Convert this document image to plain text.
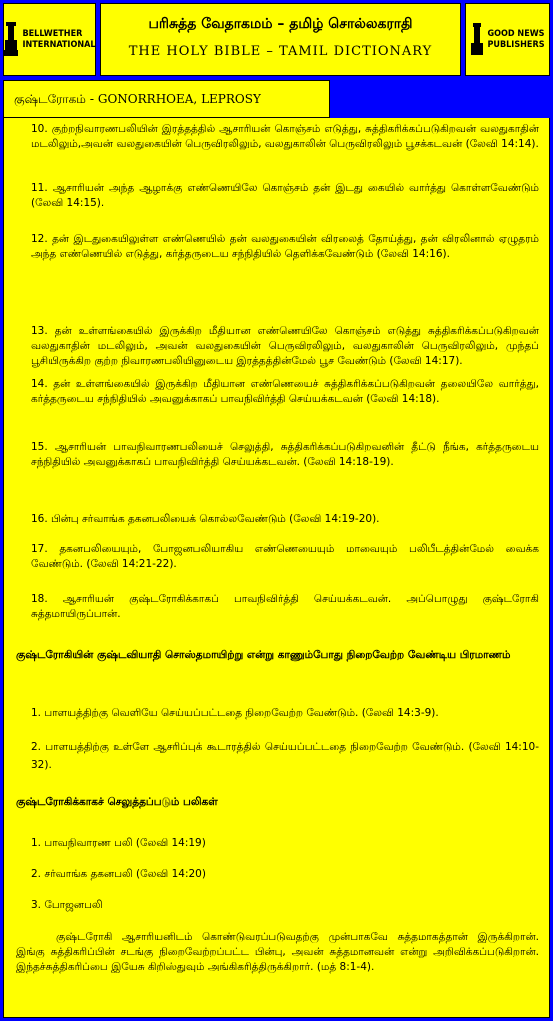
BELLWETHER
INTERNATIONAL
பரிசுத்த வேதாகமம் – தமிழ் சொல்லகராதி
THE HOLY BIBLE – TAMIL DICTIONARY
GOOD NEWS
PUBLISHERS
குஷ்டரோகம் - GONORRHOEA, LEPROSY
10. குற்றநிவாரணபலியின் இரத்தத்தில் ஆசாரியன் கொஞ்சம் எடுத்து, சுத்திகரிக்கப்படுகிறவன் வலதுகாதின் மடலிலும்,அவன் வலதுகையின் பெருவிரலிலும், வலதுகாலின் பெருவிரலிலும் பூசக்கடவன் (லேவி 14:14).
11. ஆசாரியன் அந்த ஆழாக்கு எண்ணெயிலே கொஞ்சம் தன் இடது கையில் வார்த்து கொள்ளவேண்டும் (லேவி 14:15).
12. தன் இடதுகையிலுள்ள எண்ணெயில் தன் வலதுகையின் விரலைத் தோய்த்து, தன் விரலினால் ஏழுதரம் அந்த எண்ணெயில் எடுத்து, கர்த்தருடைய சந்நிதியில் தெளிக்கவேண்டும் (லேவி 14:16).
13. தன் உள்ளங்கையில் இருக்கிற மீதியான எண்ணெயிலே கொஞ்சம் எடுத்து சுத்திகரிக்கப்படுகிறவன் வலதுகாதின் மடலிலும், அவன் வலதுகையின் பெருவிரலிலும், வலதுகாலின் பெருவிரலிலும், முந்தப் பூசியிருக்கிற குற்ற நிவாரணபலியினுடைய இரத்தத்தின்மேல் பூச வேண்டும் (லேவி 14:17).
14. தன் உள்ளங்கையில் இருக்கிற மீதியான எண்ணெயைச் சுத்திகரிக்கப்படுகிறவன் தலையிலே வார்த்து, கர்த்தருடைய சந்நிதியில் அவனுக்காகப் பாவநிவிர்த்தி செய்யக்கடவன் (லேவி 14:18).
15. ஆசாரியன் பாவநிவாரணபலியைச் செலுத்தி, சுத்திகரிக்கப்படுகிறவனின் தீட்டு நீங்க, கர்த்தருடைய சந்நிதியில் அவனுக்காகப் பாவநிவிர்த்தி செய்யக்கடவன். (லேவி 14:18-19).
16. பின்பு சர்வாங்க தகனபலியைக் கொல்லவேண்டும் (லேவி 14:19-20).
17. தகனபலியையும், போஜனபலியாகிய எண்ணெயையும் மாவையும் பலிபீடத்தின்மேல் வைக்க வேண்டும். (லேவி 14:21-22).
18. ஆசாரியன் குஷ்டரோகிக்காகப் பாவநிவிர்த்தி செய்யக்கடவன். அப்பொழுது குஷ்டரோகி சுத்தமாயிருப்பான்.
குஷ்டரோகியின் குஷ்டவியாதி சொஸ்தமாயிற்று என்று காணும்போது நிறைவேற்ற வேண்டிய பிரமாணம்
1. பாளயத்திற்கு வெளியே செய்யப்பட்டதை நிறைவேற்ற வேண்டும். (லேவி 14:3-9).
2. பாளயத்திற்கு உள்ளே ஆசரிப்புக் கூடாரத்தில் செய்யப்பட்டதை நிறைவேற்ற வேண்டும். (லேவி 14:10-32).
குஷ்டரோகிக்காகச் செலுத்தப்படும் பலிகள்
1. பாவநிவாரண பலி (லேவி 14:19)
2. சர்வாங்க தகனபலி (லேவி 14:20)
3. போஜனபலி
குஷ்டரோகி ஆசாரியனிடம் கொண்டுவரப்படுவதற்கு முன்பாகவே சுத்தமாகத்தான் இருக்கிறான். இங்கு சுத்திகரிப்பின் சடங்கு நிறைவேற்றப்பட்ட பின்பு, அவன் சுத்தமானவன் என்று அறிவிக்கப்படுகிறான். இந்தச்சுத்திகரிப்பை இயேசு கிறிஸ்துவும் அங்கிகரித்திருக்கிறார். (மத் 8:1-4).
